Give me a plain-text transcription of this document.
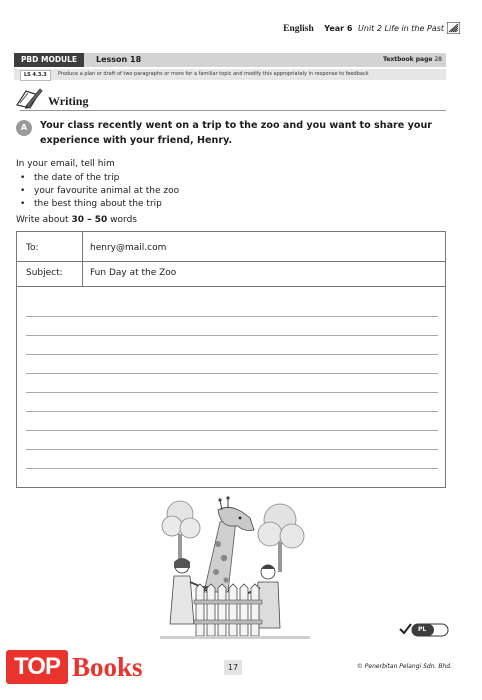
English Year 6 Unit 2 Life in the Past
PBD MODULE	Lesson 18	Textbook page 28
LS 4.3.3	Produce a plan or draft of two paragraphs or more for a familiar topic and modify this appropriately in response to feedback
Writing
A	Your class recently went on a trip to the zoo and you want to share your experience with your friend, Henry.
In your email, tell him
• the date of the trip
• your favourite animal at the zoo
• the best thing about the trip
Write about 30 – 50 words
To:	henry@mail.com
Subject:	Fun Day at the Zoo
PL
17	© Penerbitan Pelangi Sdn. Bhd.
TOP Books
